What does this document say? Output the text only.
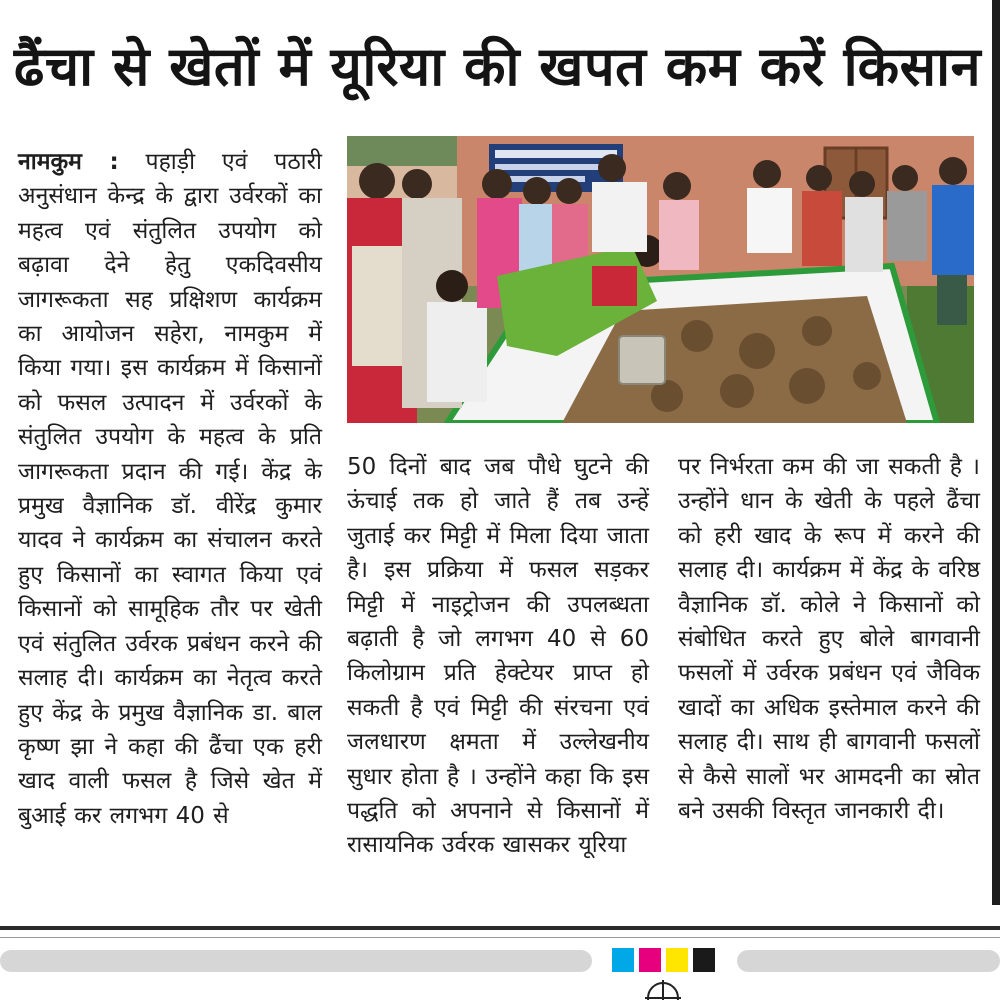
ढैंचा से खेतों में यूरिया की खपत कम करें किसान

नामकुम : पहाड़ी एवं पठारी अनुसंधान केन्द्र के द्वारा उर्वरकों का महत्व एवं संतुलित उपयोग को बढ़ावा देने हेतु एकदिवसीय जागरूकता सह प्रक्षिशण कार्यक्रम का आयोजन सहेरा, नामकुम में किया गया। इस कार्यक्रम में किसानों को फसल उत्पादन में उर्वरकों के संतुलित उपयोग के महत्व के प्रति जागरूकता प्रदान की गई। केंद्र के प्रमुख वैज्ञानिक डॉ. वीरेंद्र कुमार यादव ने कार्यक्रम का संचालन करते हुए किसानों का स्वागत किया एवं किसानों को सामूहिक तौर पर खेती एवं संतुलित उर्वरक प्रबंधन करने की सलाह दी। कार्यक्रम का नेतृत्व करते हुए केंद्र के प्रमुख वैज्ञानिक डा. बाल कृष्ण झा ने कहा की ढैंचा एक हरी खाद वाली फसल है जिसे खेत में बुआई कर लगभग 40 से

50 दिनों बाद जब पौधे घुटने की ऊंचाई तक हो जाते हैं तब उन्हें जुताई कर मिट्टी में मिला दिया जाता है। इस प्रक्रिया में फसल सड़कर मिट्टी में नाइट्रोजन की उपलब्धता बढ़ाती है जो लगभग 40 से 60 किलोग्राम प्रति हेक्टेयर प्राप्त हो सकती है एवं मिट्टी की संरचना एवं जलधारण क्षमता में उल्लेखनीय सुधार होता है । उन्होंने कहा कि इस पद्धति को अपनाने से किसानों में रासायनिक उर्वरक खासकर यूरिया

पर निर्भरता कम की जा सकती है । उन्होंने धान के खेती के पहले ढैंचा को हरी खाद के रूप में करने की सलाह दी। कार्यक्रम में केंद्र के वरिष्ठ वैज्ञानिक डॉ. कोले ने किसानों को संबोधित करते हुए बोले बागवानी फसलों में उर्वरक प्रबंधन एवं जैविक खादों का अधिक इस्तेमाल करने की सलाह दी। साथ ही बागवानी फसलों से कैसे सालों भर आमदनी का स्रोत बने उसकी विस्तृत जानकारी दी।
